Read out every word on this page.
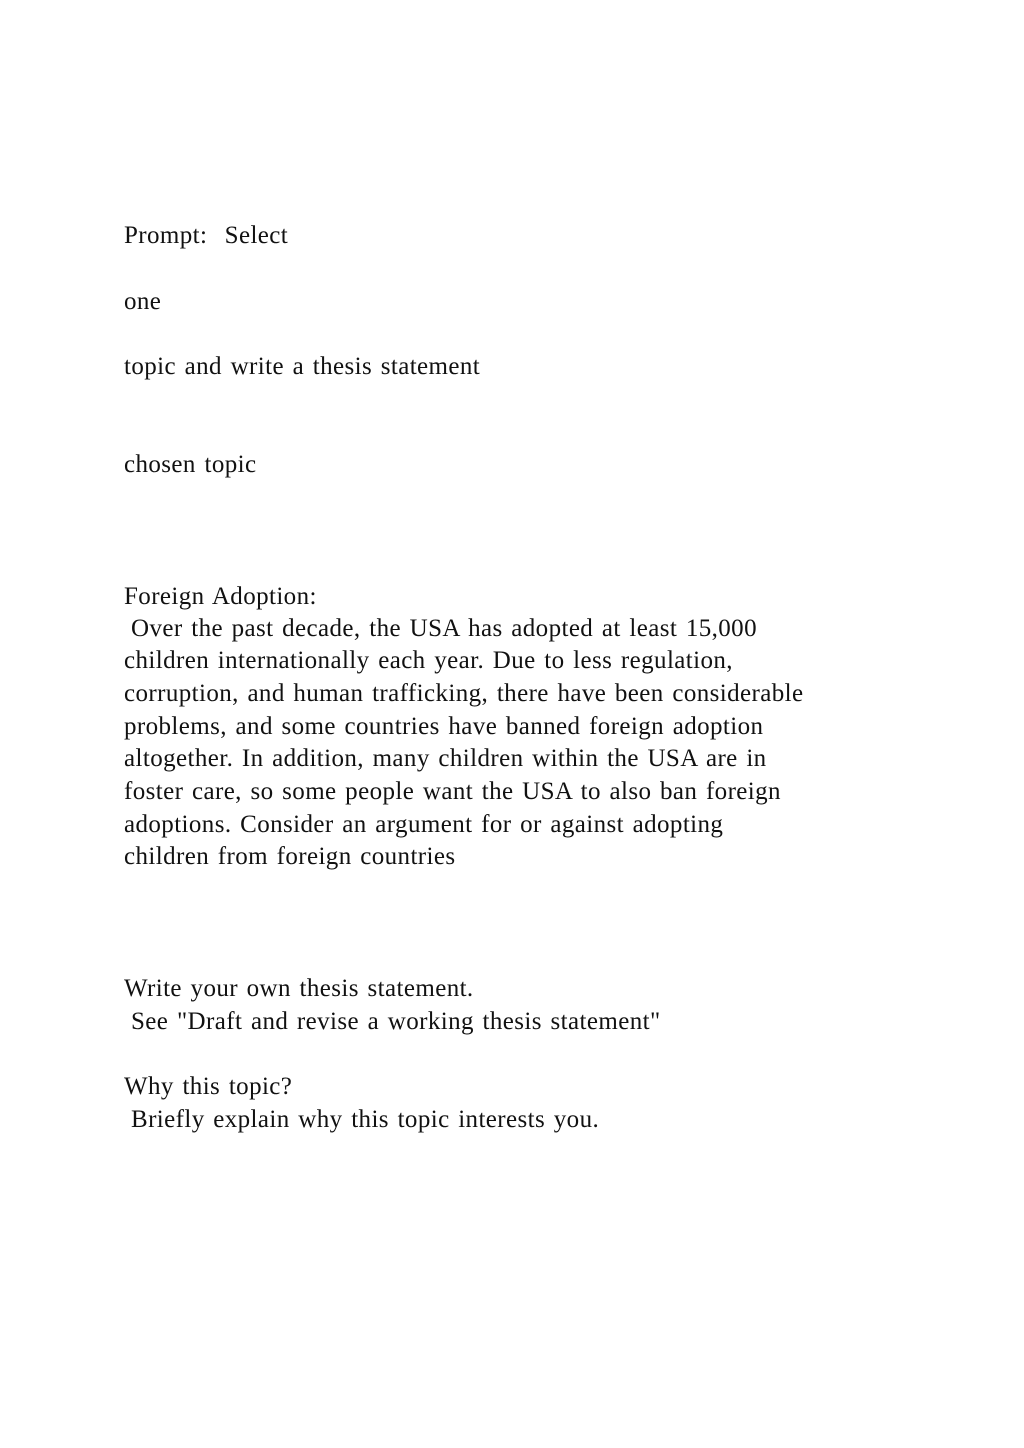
Prompt:  Select

one

topic and write a thesis statement

chosen topic

Foreign Adoption:

Over the past decade, the USA has adopted at least 15,000

children internationally each year. Due to less regulation,

corruption, and human trafficking, there have been considerable

problems, and some countries have banned foreign adoption

altogether. In addition, many children within the USA are in

foster care, so some people want the USA to also ban foreign

adoptions. Consider an argument for or against adopting

children from foreign countries

Write your own thesis statement.

See "Draft and revise a working thesis statement"

Why this topic?

Briefly explain why this topic interests you.
